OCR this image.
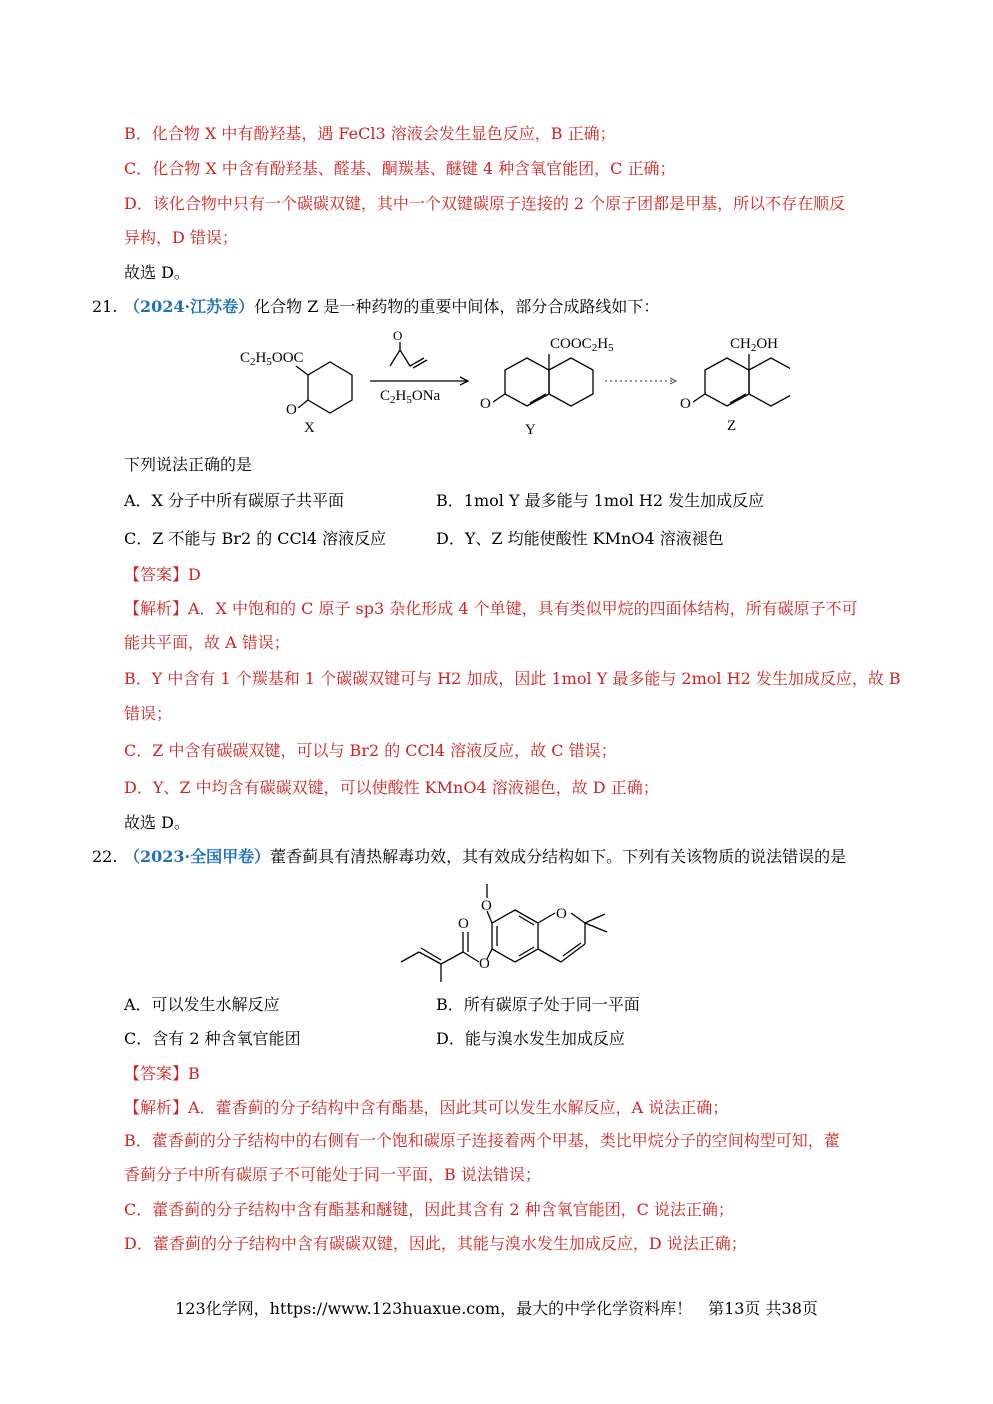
B．化合物 X 中有酚羟基，遇 FeCl3 溶液会发生显色反应，B 正确；
C．化合物 X 中含有酚羟基、醛基、酮羰基、醚键 4 种含氧官能团，C 正确；
D．该化合物中只有一个碳碳双键，其中一个双键碳原子连接的 2 个原子团都是甲基，所以不存在顺反
异构，D 错误；
故选 D。
21. （2024·江苏卷）化合物 Z 是一种药物的重要中间体，部分合成路线如下：
$C_2H_5OOC$
O
X
O
$C_2H_5ONa$
$COOC_2H_5$
O
Y
$CH_2OH$
O
Z
下列说法正确的是
A．X 分子中所有碳原子共平面	B．1mol Y 最多能与 1mol H2 发生加成反应
C．Z 不能与 Br2 的 CCl4 溶液反应	D．Y、Z 均能使酸性 KMnO4 溶液褪色
【答案】D
【解析】A．X 中饱和的 C 原子 sp3 杂化形成 4 个单键，具有类似甲烷的四面体结构，所有碳原子不可
能共平面，故 A 错误；
B．Y 中含有 1 个羰基和 1 个碳碳双键可与 H2 加成，因此 1mol Y 最多能与 2mol H2 发生加成反应，故 B
错误；
C．Z 中含有碳碳双键，可以与 Br2 的 CCl4 溶液反应，故 C 错误；
D．Y、Z 中均含有碳碳双键，可以使酸性 KMnO4 溶液褪色，故 D 正确；
故选 D。
22. （2023·全国甲卷）藿香蓟具有清热解毒功效，其有效成分结构如下。下列有关该物质的说法错误的是
O	O
O
O
A．可以发生水解反应	B．所有碳原子处于同一平面
C．含有 2 种含氧官能团	D．能与溴水发生加成反应
【答案】B
【解析】A．藿香蓟的分子结构中含有酯基，因此其可以发生水解反应，A 说法正确；
B．藿香蓟的分子结构中的右侧有一个饱和碳原子连接着两个甲基，类比甲烷分子的空间构型可知，藿
香蓟分子中所有碳原子不可能处于同一平面，B 说法错误；
C．藿香蓟的分子结构中含有酯基和醚键，因此其含有 2 种含氧官能团，C 说法正确；
D．藿香蓟的分子结构中含有碳碳双键，因此，其能与溴水发生加成反应，D 说法正确；
123化学网，https://www.123huaxue.com，最大的中学化学资料库！　第13页 共38页
